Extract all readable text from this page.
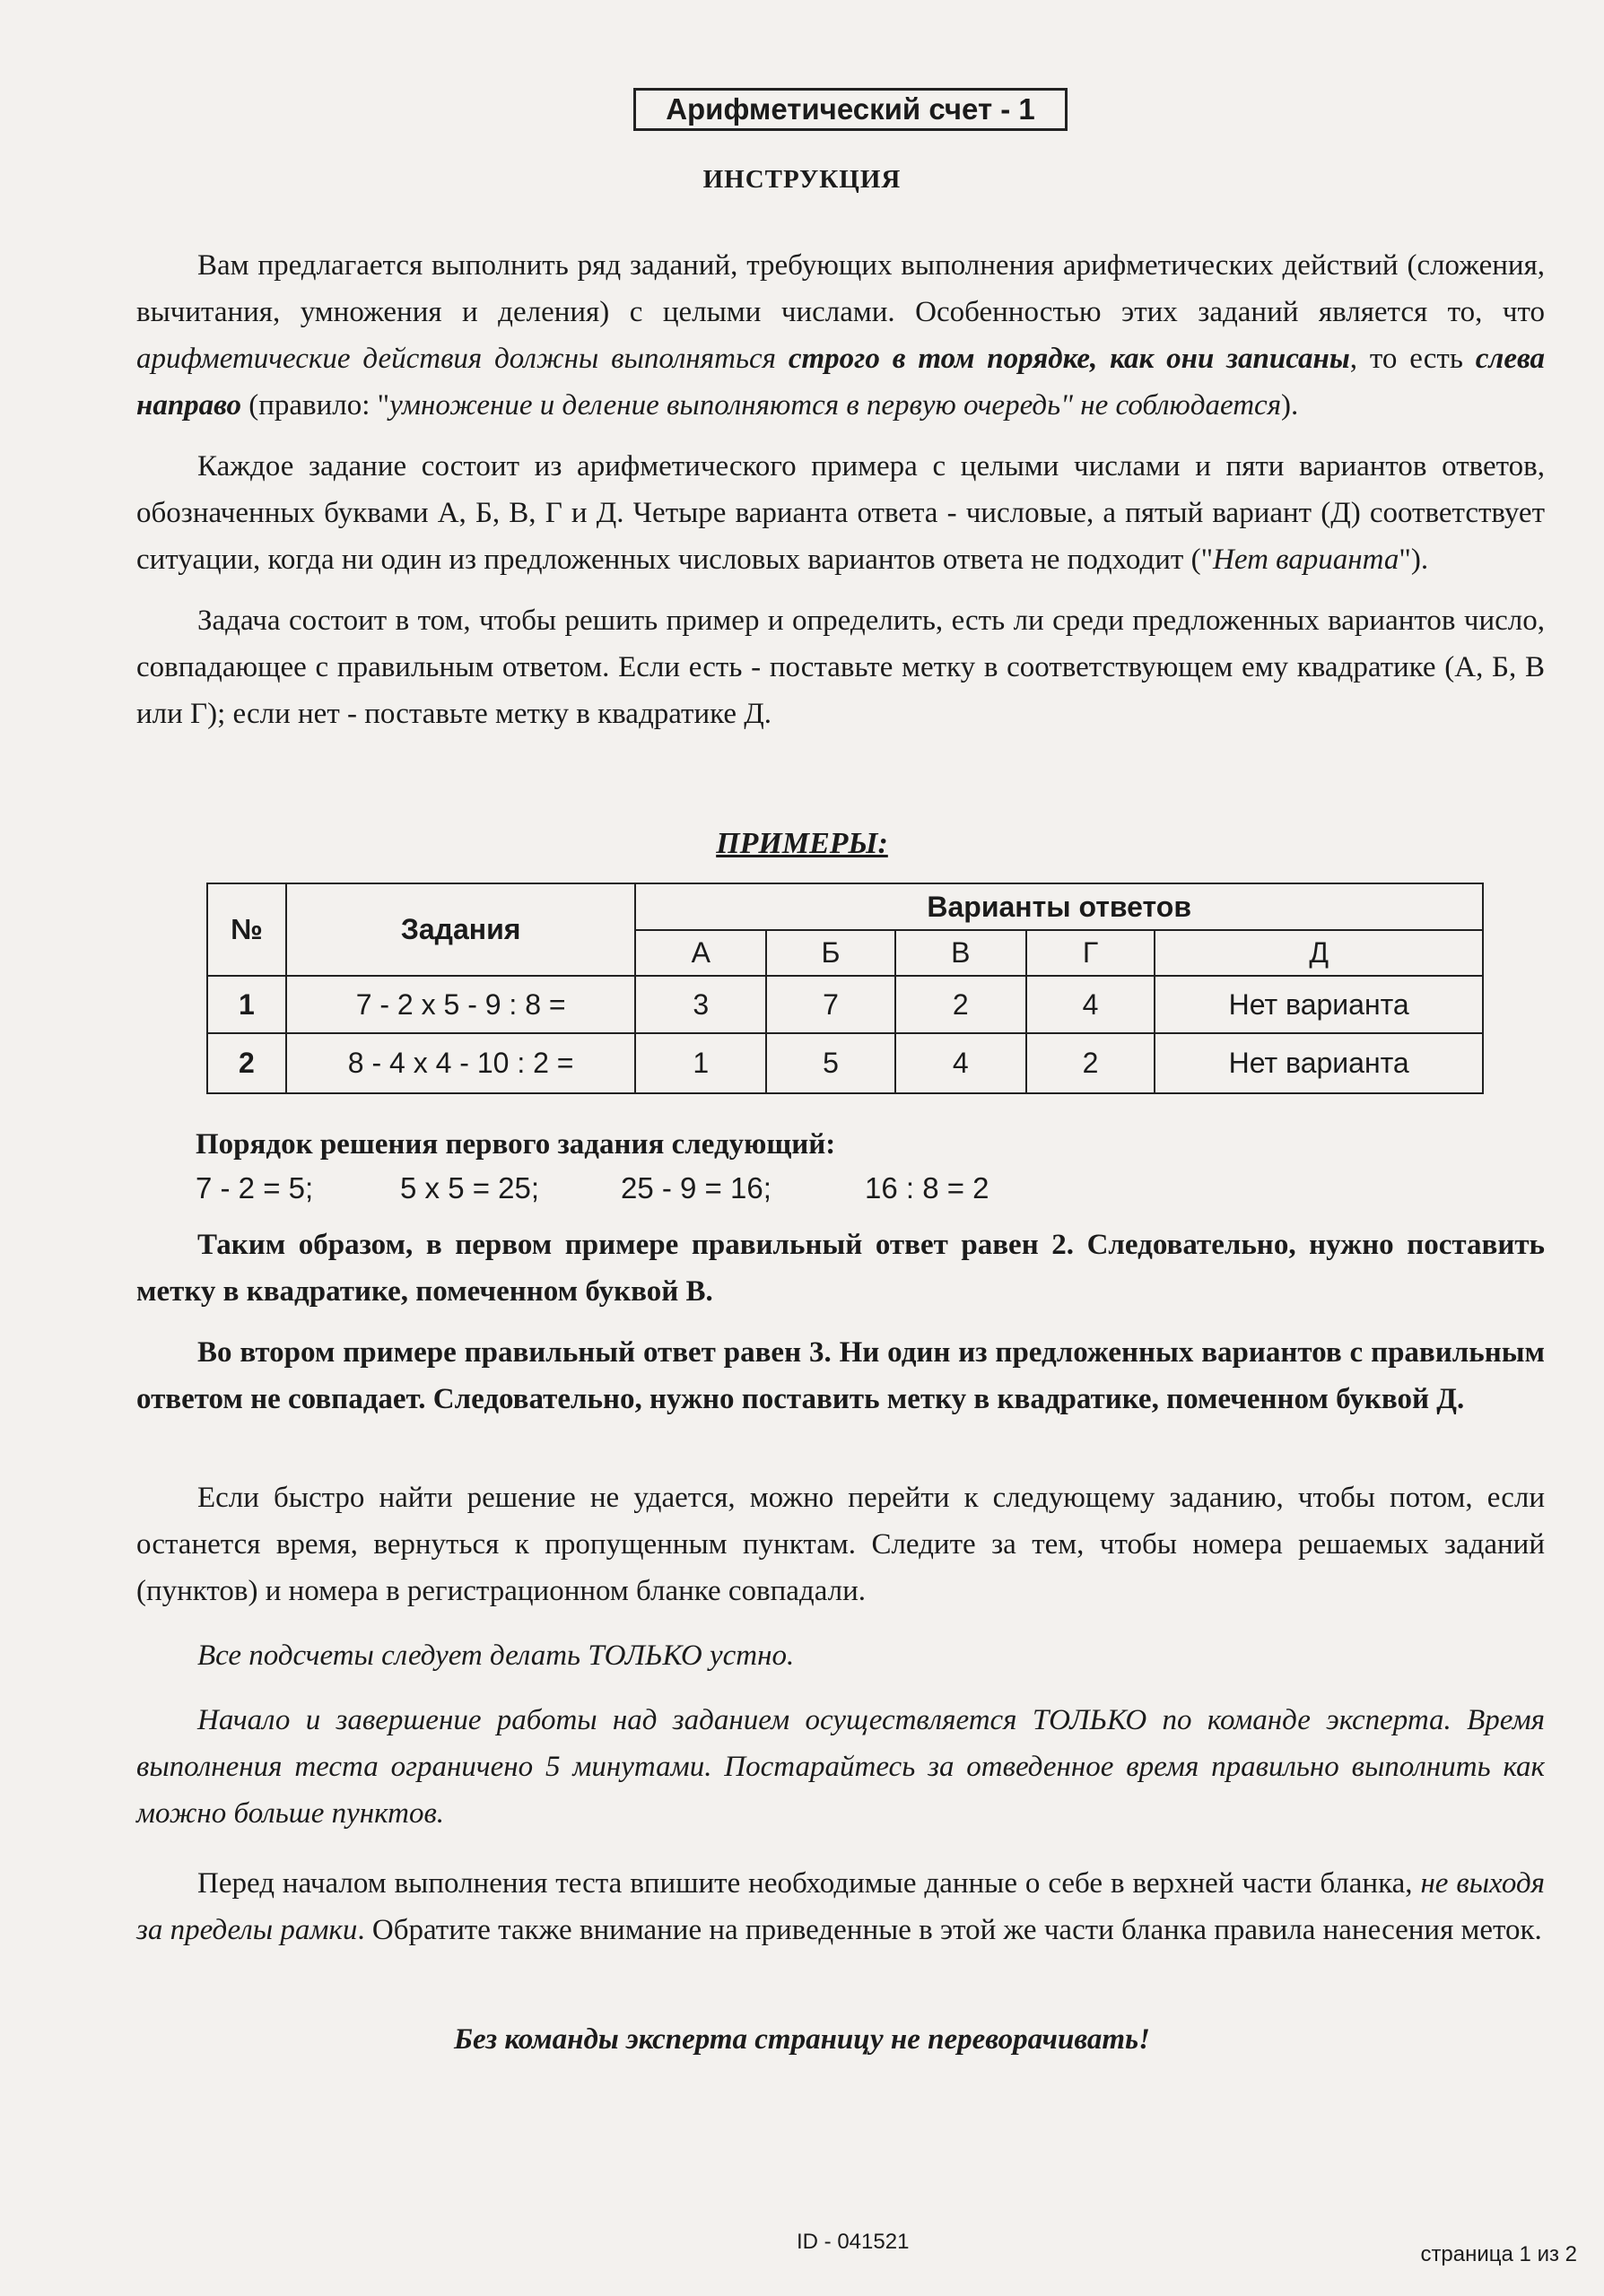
Арифметический счет - 1
ИНСТРУКЦИЯ

Вам предлагается выполнить ряд заданий, требующих выполнения арифметических действий (сложения, вычитания, умножения и деления) с целыми числами. Особенностью этих заданий является то, что арифметические действия должны выполняться строго в том порядке, как они записаны, то есть слева направо (правило: "умножение и деление выполняются в первую очередь" не соблюдается).

Каждое задание состоит из арифметического примера с целыми числами и пяти вариантов ответов, обозначенных буквами А, Б, В, Г и Д. Четыре варианта ответа - числовые, а пятый вариант (Д) соответствует ситуации, когда ни один из предложенных числовых вариантов ответа не подходит ("Нет варианта").

Задача состоит в том, чтобы решить пример и определить, есть ли среди предложенных вариантов число, совпадающее с правильным ответом. Если есть - поставьте метку в соответствующем ему квадратике (А, Б, В или Г); если нет - поставьте метку в квадратике Д.

ПРИМЕРЫ:
№	Задания	Варианты ответов				
		А	Б	В	Г	Д
1	7 - 2 х 5 - 9 : 8 =	3	7	2	4	Нет варианта
2	8 - 4 х 4 - 10 : 2 =	1	5	4	2	Нет варианта
Порядок решения первого задания следующий:
7 - 2 = 5;	5 х 5 = 25;	25 - 9 = 16;	16 : 8 = 2

Таким образом, в первом примере правильный ответ равен 2. Следовательно, нужно поставить метку в квадратике, помеченном буквой В.

Во втором примере правильный ответ равен 3. Ни один из предложенных вариантов с правильным ответом не совпадает. Следовательно, нужно поставить метку в квадратике, помеченном буквой Д.

Если быстро найти решение не удается, можно перейти к следующему заданию, чтобы потом, если останется время, вернуться к пропущенным пунктам. Следите за тем, чтобы номера решаемых заданий (пунктов) и номера в регистрационном бланке совпадали.

Все подсчеты следует делать ТОЛЬКО устно.

Начало и завершение работы над заданием осуществляется ТОЛЬКО по команде эксперта. Время выполнения теста ограничено 5 минутами. Постарайтесь за отведенное время правильно выполнить как можно больше пунктов.

Перед началом выполнения теста впишите необходимые данные о себе в верхней части бланка, не выходя за пределы рамки. Обратите также внимание на приведенные в этой же части бланка правила нанесения меток.

Без команды эксперта страницу не переворачивать!
ID - 041521
страница 1 из 2
